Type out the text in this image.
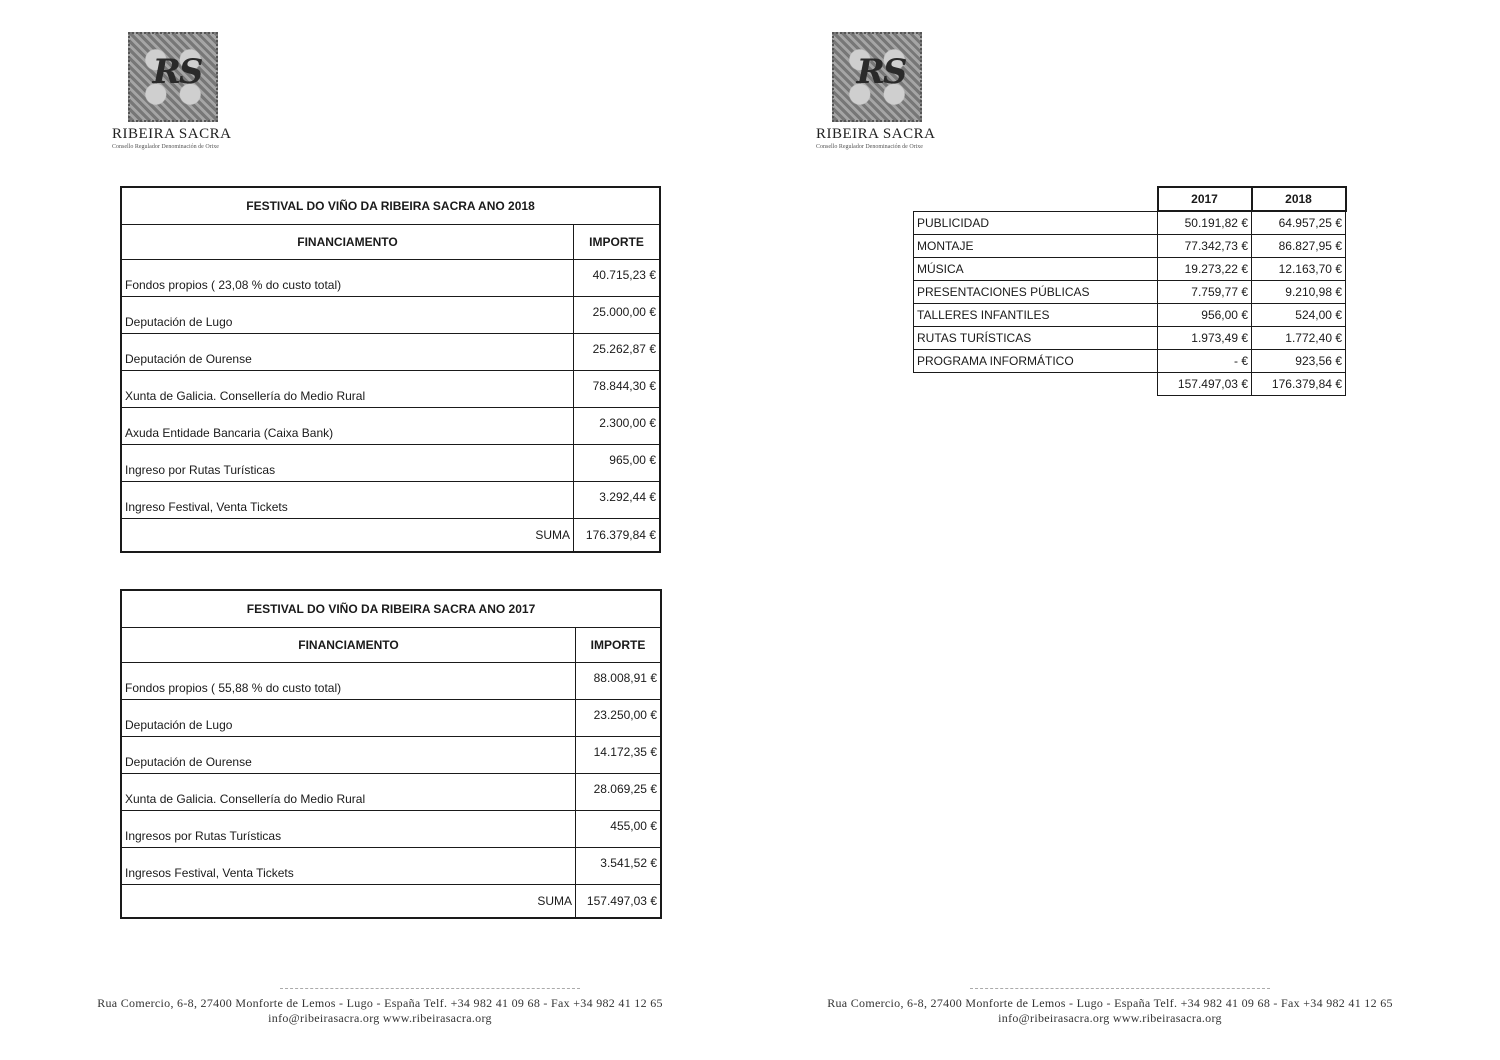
RS
RIBEIRA SACRA
Consello Regulador Denominación de Orixe
FESTIVAL DO VIÑO DA RIBEIRA SACRA ANO 2018	
FINANCIAMENTO	IMPORTE
Fondos propios ( 23,08 % do custo total)	40.715,23 €
Deputación de Lugo	25.000,00 €
Deputación de Ourense	25.262,87 €
Xunta de Galicia. Consellería do Medio Rural	78.844,30 €
Axuda Entidade Bancaria (Caixa Bank)	2.300,00 €
Ingreso por Rutas Turísticas	965,00 €
Ingreso Festival, Venta Tickets	3.292,44 €
SUMA	176.379,84 €
FESTIVAL DO VIÑO DA RIBEIRA SACRA ANO 2017	
FINANCIAMENTO	IMPORTE
Fondos propios ( 55,88 % do custo total)	88.008,91 €
Deputación de Lugo	23.250,00 €
Deputación de Ourense	14.172,35 €
Xunta de Galicia. Consellería do Medio Rural	28.069,25 €
Ingresos por Rutas Turísticas	455,00 €
Ingresos Festival, Venta Tickets	3.541,52 €
SUMA	157.497,03 €
Rua Comercio, 6-8, 27400 Monforte de Lemos - Lugo - España Telf. +34 982 41 09 68 - Fax +34 982 41 12 65
info@ribeirasacra.org www.ribeirasacra.org
RS
RIBEIRA SACRA
Consello Regulador Denominación de Orixe
	2017	2018
PUBLICIDAD	50.191,82 €	64.957,25 €
MONTAJE	77.342,73 €	86.827,95 €
MÚSICA	19.273,22 €	12.163,70 €
PRESENTACIONES PÚBLICAS	7.759,77 €	9.210,98 €
TALLERES INFANTILES	956,00 €	524,00 €
RUTAS TURÍSTICAS	1.973,49 €	1.772,40 €
PROGRAMA INFORMÁTICO	- €	923,56 €
	157.497,03 €	176.379,84 €
Rua Comercio, 6-8, 27400 Monforte de Lemos - Lugo - España Telf. +34 982 41 09 68 - Fax +34 982 41 12 65
info@ribeirasacra.org www.ribeirasacra.org
